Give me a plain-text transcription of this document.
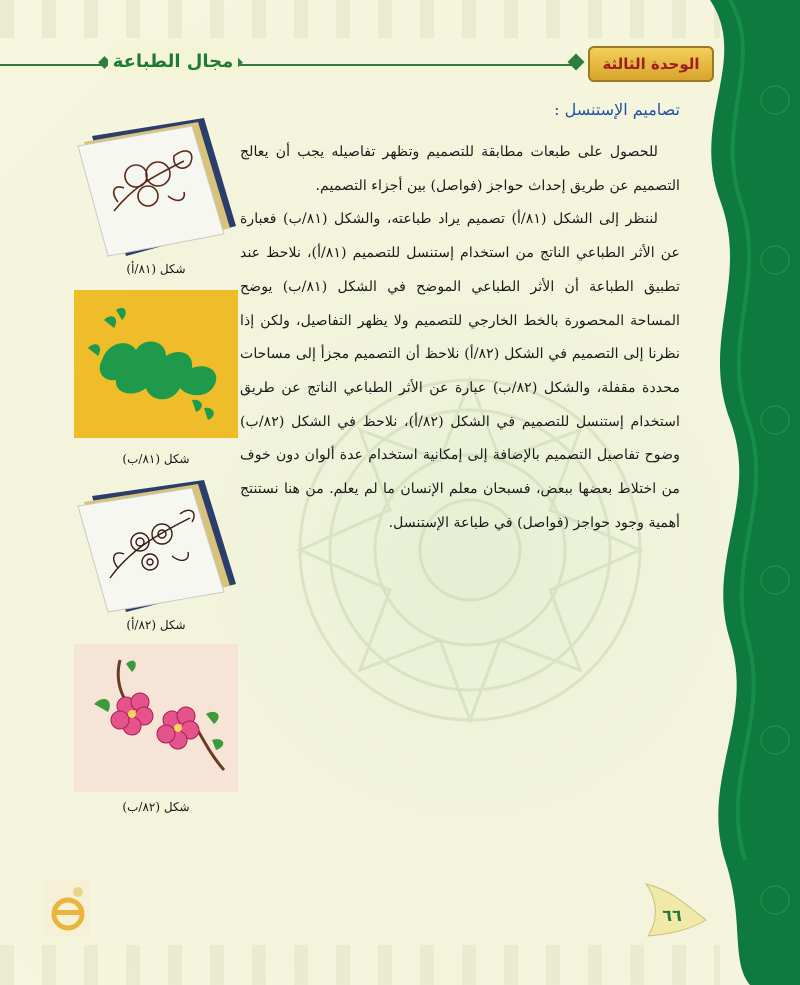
مجال الطباعة	الوحدة الثالثة
تصاميم الإستنسل :

للحصول على طبعات مطابقة للتصميم وتظهر تفاصيله يجب أن يعالج التصميم عن طريق إحداث حواجز (فواصل) بين أجزاء التصميم.

لننظر إلى الشكل (٨١/أ) تصميم يراد طباعته، والشكل (٨١/ب) فعبارة عن الأثر الطباعي الناتج من استخدام إستنسل للتصميم (٨١/أ)، نلاحظ عند تطبيق الطباعة أن الأثر الطباعي الموضح في الشكل (٨١/ب) يوضح المساحة المحصورة بالخط الخارجي للتصميم ولا يظهر التفاصيل، ولكن إذا نظرنا إلى التصميم في الشكل (٨٢/أ) نلاحظ أن التصميم مجزأ إلى مساحات محددة مقفلة، والشكل (٨٢/ب) عبارة عن الأثر الطباعي الناتج عن طريق استخدام إستنسل للتصميم في الشكل (٨٢/أ)، نلاحظ في الشكل (٨٢/ب) وضوح تفاصيل التصميم بالإضافة إلى إمكانية استخدام عدة ألوان دون خوف من اختلاط بعضها ببعض، فسبحان معلم الإنسان ما لم يعلم. من هنا نستنتج أهمية وجود حواجز (فواصل) في طباعة الإستنسل.

شكل (٨١/أ)
شكل (٨١/ب)
شكل (٨٢/أ)
شكل (٨٢/ب)
٦٦
